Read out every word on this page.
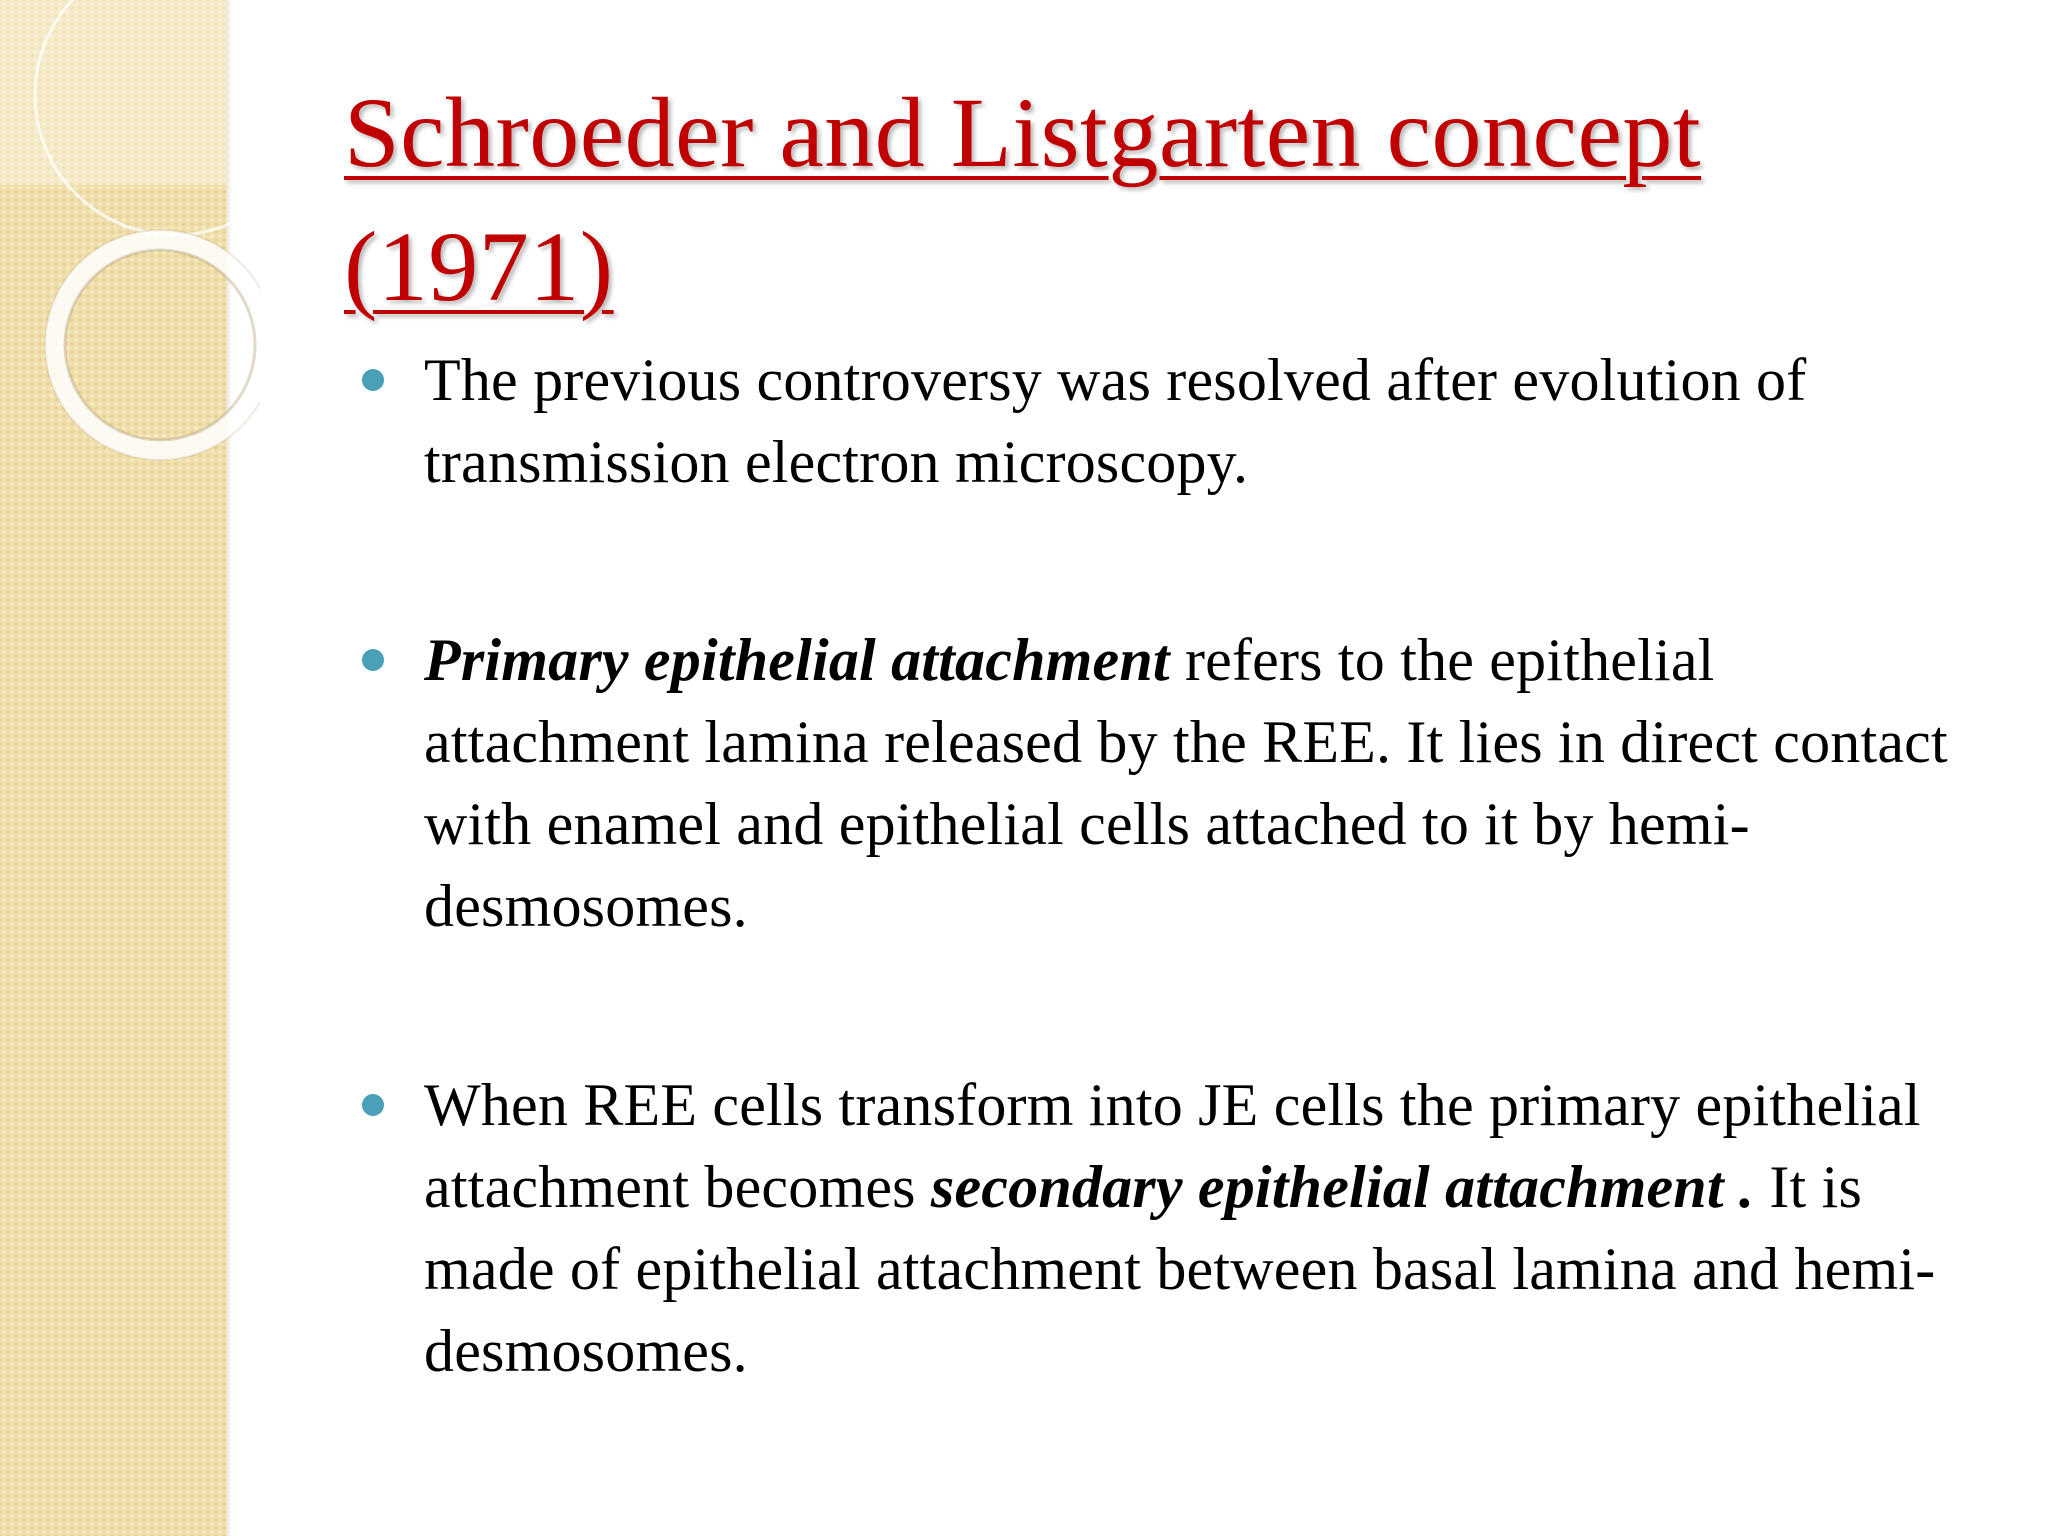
Schroeder and Listgarten concept (1971)
The previous controversy was resolved after evolution of transmission electron microscopy.
Primary epithelial attachment refers to the epithelial attachment lamina released by the REE. It lies in direct contact with enamel and epithelial cells attached to it by hemi-desmosomes.
When REE cells transform into JE cells the primary epithelial attachment becomes secondary epithelial attachment . It is made of epithelial attachment between basal lamina and hemi-desmosomes.
